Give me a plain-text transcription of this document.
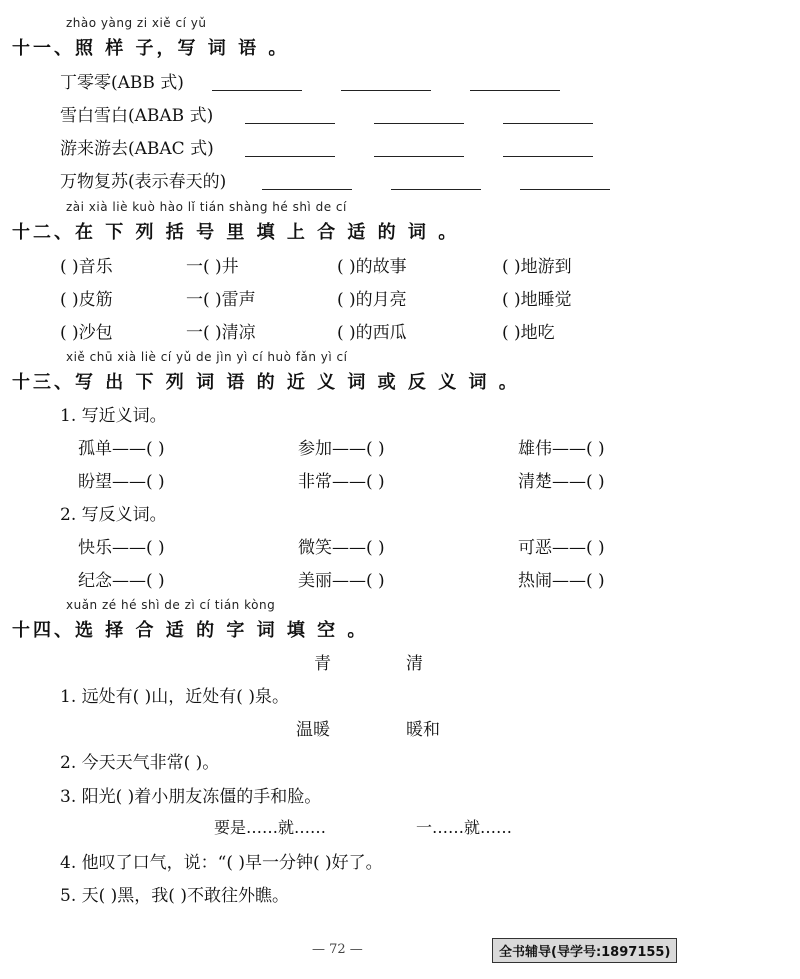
zhào yàng zi xiě cí yǔ
十一、照 样 子，写 词 语 。
丁零零(ABB 式)
雪白雪白(ABAB 式)
游来游去(ABAC 式)
万物复苏(表示春天的)
zài xià liè kuò hào lǐ tián shàng hé shì de cí
十二、在 下 列 括 号 里 填 上 合 适 的 词 。
( )音乐	一( )井	( )的故事	( )地游到
( )皮筋	一( )雷声	( )的月亮	( )地睡觉
( )沙包	一( )清凉	( )的西瓜	( )地吃
xiě chū xià liè cí yǔ de jìn yì cí huò fǎn yì cí
十三、写 出 下 列 词 语 的 近 义 词 或 反 义 词 。
1. 写近义词。
孤单——( )	参加——( )	雄伟——( )
盼望——( )	非常——( )	清楚——( )
2. 写反义词。
快乐——( )	微笑——( )	可恶——( )
纪念——( )	美丽——( )	热闹——( )
xuǎn zé hé shì de zì cí tián kòng
十四、选 择 合 适 的 字 词 填 空 。
青	清
1. 远处有( )山，近处有( )泉。
温暖	暖和
2. 今天天气非常( )。
3. 阳光( )着小朋友冻僵的手和脸。
要是……就……	一……就……
4. 他叹了口气，说：“( )早一分钟( )好了。
5. 天( )黑，我( )不敢往外瞧。
— 72 —	全书辅导(导学号:1897155)
